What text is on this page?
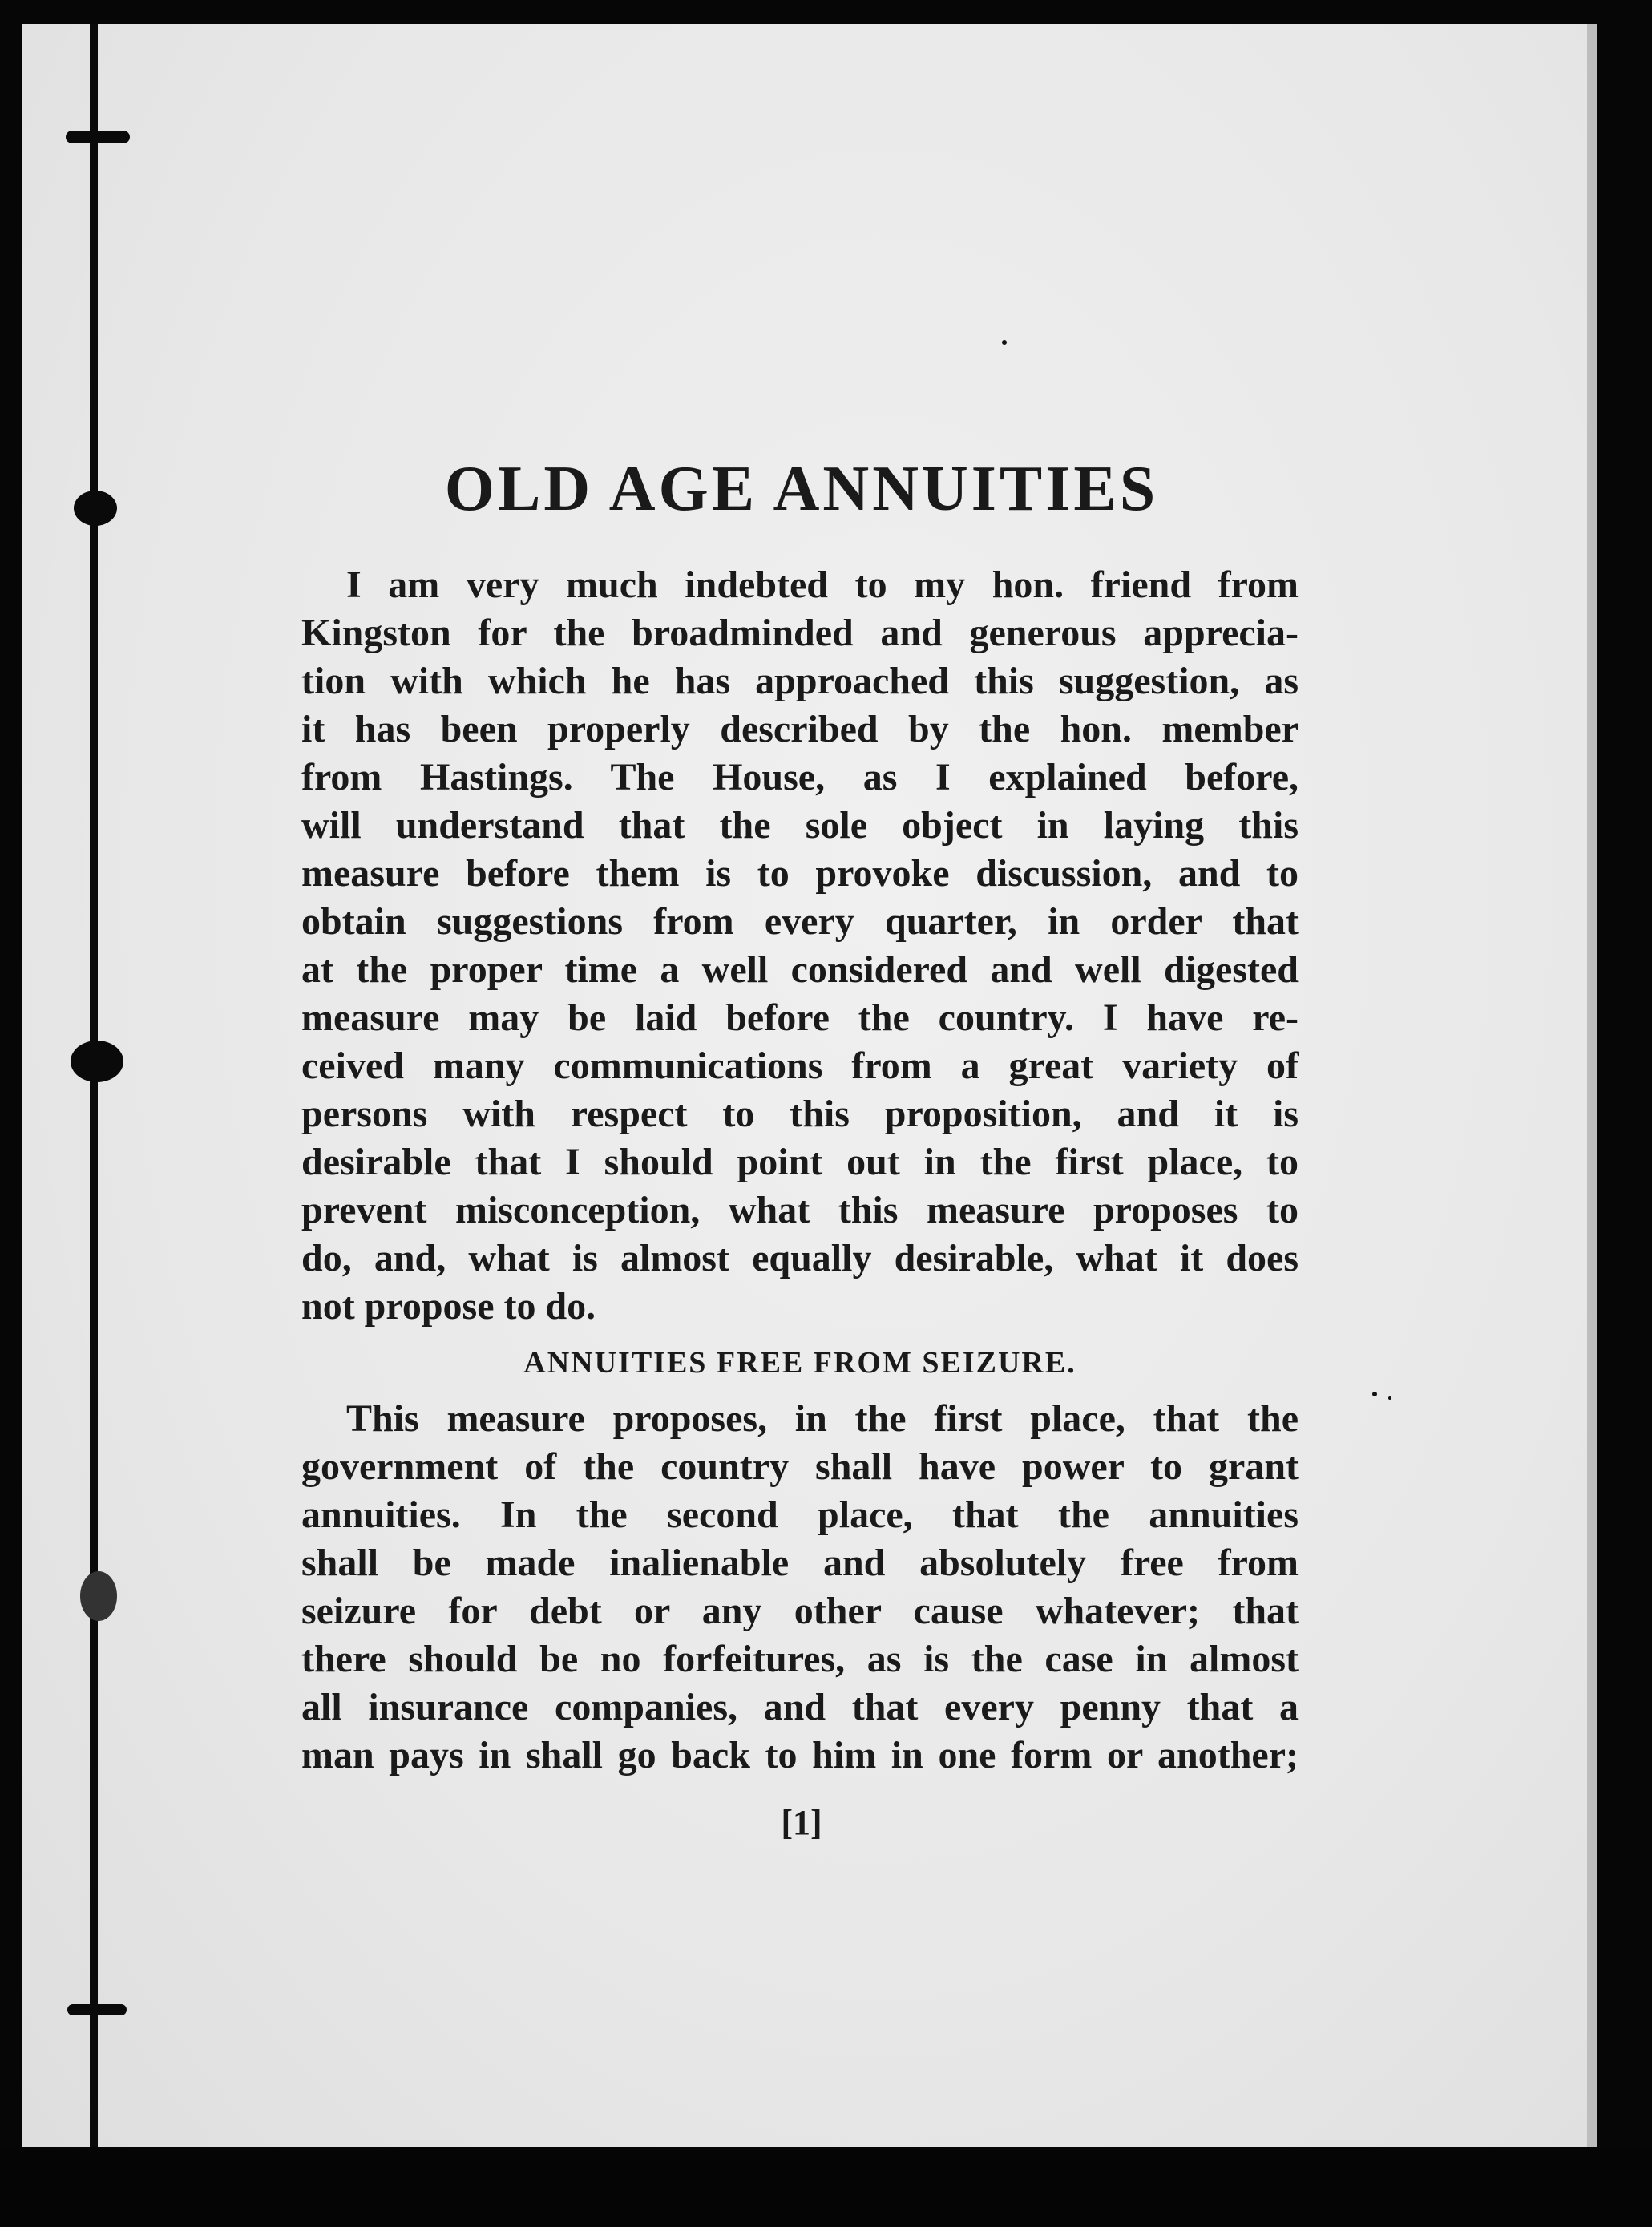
OLD AGE ANNUITIES
I am very much indebted to my hon. friend from
Kingston for the broadminded and generous apprecia-
tion with which he has approached this suggestion, as
it has been properly described by the hon. member
from Hastings. The House, as I explained before,
will understand that the sole object in laying this
measure before them is to provoke discussion, and to
obtain suggestions from every quarter, in order that
at the proper time a well considered and well digested
measure may be laid before the country. I have re-
ceived many communications from a great variety of
persons with respect to this proposition, and it is
desirable that I should point out in the first place, to
prevent misconception, what this measure proposes to
do, and, what is almost equally desirable, what it does
not propose to do.
ANNUITIES FREE FROM SEIZURE.
This measure proposes, in the first place, that the
government of the country shall have power to grant
annuities. In the second place, that the annuities
shall be made inalienable and absolutely free from
seizure for debt or any other cause whatever; that
there should be no forfeitures, as is the case in almost
all insurance companies, and that every penny that a
man pays in shall go back to him in one form or another;
[1]
